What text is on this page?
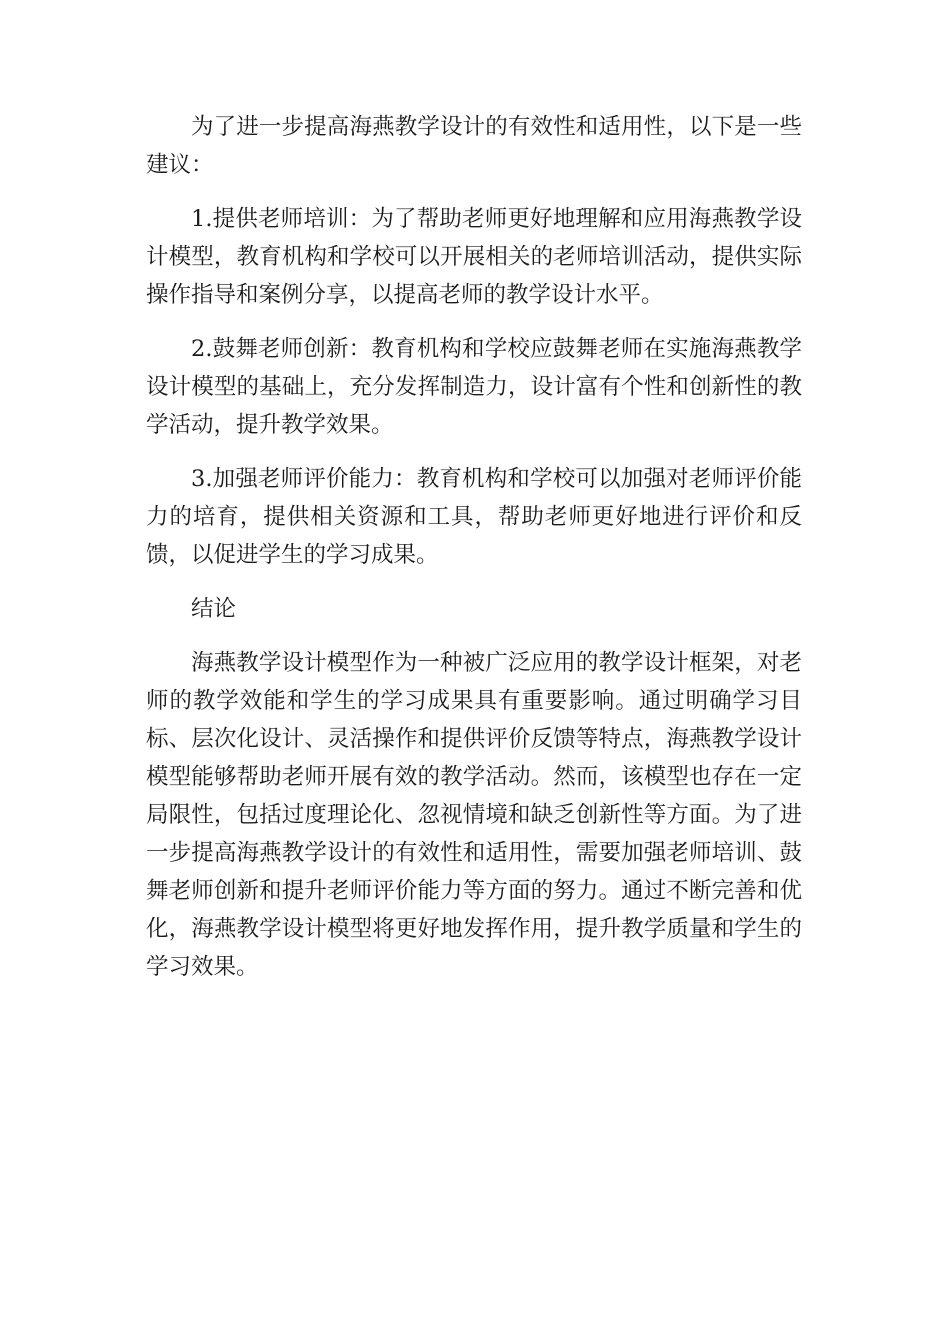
为了进一步提高海燕教学设计的有效性和适用性，以下是一些建议：

1.提供老师培训：为了帮助老师更好地理解和应用海燕教学设计模型，教育机构和学校可以开展相关的老师培训活动，提供实际操作指导和案例分享，以提高老师的教学设计水平。

2.鼓舞老师创新：教育机构和学校应鼓舞老师在实施海燕教学设计模型的基础上，充分发挥制造力，设计富有个性和创新性的教学活动，提升教学效果。

3.加强老师评价能力：教育机构和学校可以加强对老师评价能力的培育，提供相关资源和工具，帮助老师更好地进行评价和反馈，以促进学生的学习成果。

结论

海燕教学设计模型作为一种被广泛应用的教学设计框架，对老师的教学效能和学生的学习成果具有重要影响。通过明确学习目标、层次化设计、灵活操作和提供评价反馈等特点，海燕教学设计模型能够帮助老师开展有效的教学活动。然而，该模型也存在一定局限性，包括过度理论化、忽视情境和缺乏创新性等方面。为了进一步提高海燕教学设计的有效性和适用性，需要加强老师培训、鼓舞老师创新和提升老师评价能力等方面的努力。通过不断完善和优化，海燕教学设计模型将更好地发挥作用，提升教学质量和学生的学习效果。
